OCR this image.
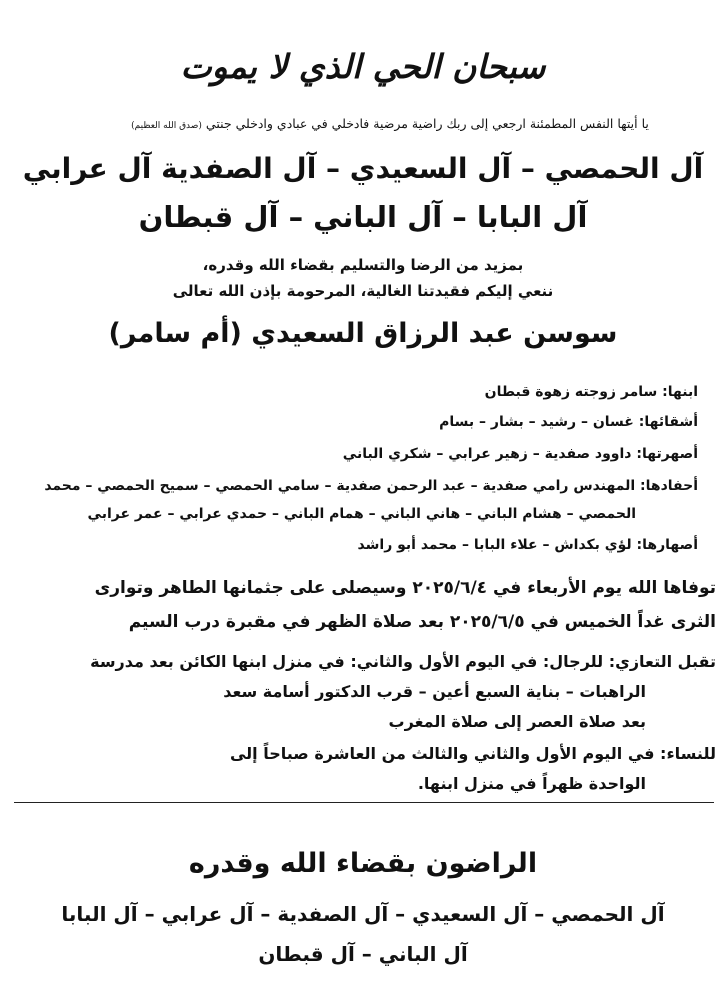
سبحان الحي الذي لا يموت
يا أيتها النفس المطمئنة ارجعي إلى ربك راضية مرضية فادخلي في عبادي وادخلي جنتي (صدق الله العظيم)
آل الحمصي – آل السعيدي – آل الصفدية آل عرابي
آل البابا – آل الباني – آل قبطان
بمزيد من الرضا والتسليم بقضاء الله وقدره،
ننعي إليكم فقيدتنا الغالية، المرحومة بإذن الله تعالى
سوسن عبد الرزاق السعيدي (أم سامر)
ابنها: سامر زوجته زهوة قبطان
أشقائها: غسان – رشيد – بشار – بسام
أصهرتها: داوود صفدية – زهير عرابي – شكري الباني
أحفادها: المهندس رامي صفدية – عبد الرحمن صفدية – سامي الحمصي – سميح الحمصي – محمد
الحمصي – هشام الباني – هاني الباني – همام الباني – حمدي عرابي – عمر عرابي
أصهارها: لؤي بكداش – علاء البابا – محمد أبو راشد
توفاها الله يوم الأربعاء في ٢٠٢٥/٦/٤ وسيصلى على جثمانها الطاهر وتوارى
الثرى غداً الخميس في ٢٠٢٥/٦/٥ بعد صلاة الظهر في مقبرة درب السيم
تقبل التعازي: للرجال: في اليوم الأول والثاني: في منزل ابنها الكائن بعد مدرسة
الراهبات – بناية السبع أعين – قرب الدكتور أسامة سعد
بعد صلاة العصر إلى صلاة المغرب
للنساء: في اليوم الأول والثاني والثالث من العاشرة صباحاً إلى
الواحدة ظهراً في منزل ابنها.
الراضون بقضاء الله وقدره
آل الحمصي – آل السعيدي – آل الصفدية – آل عرابي – آل البابا
آل الباني – آل قبطان
